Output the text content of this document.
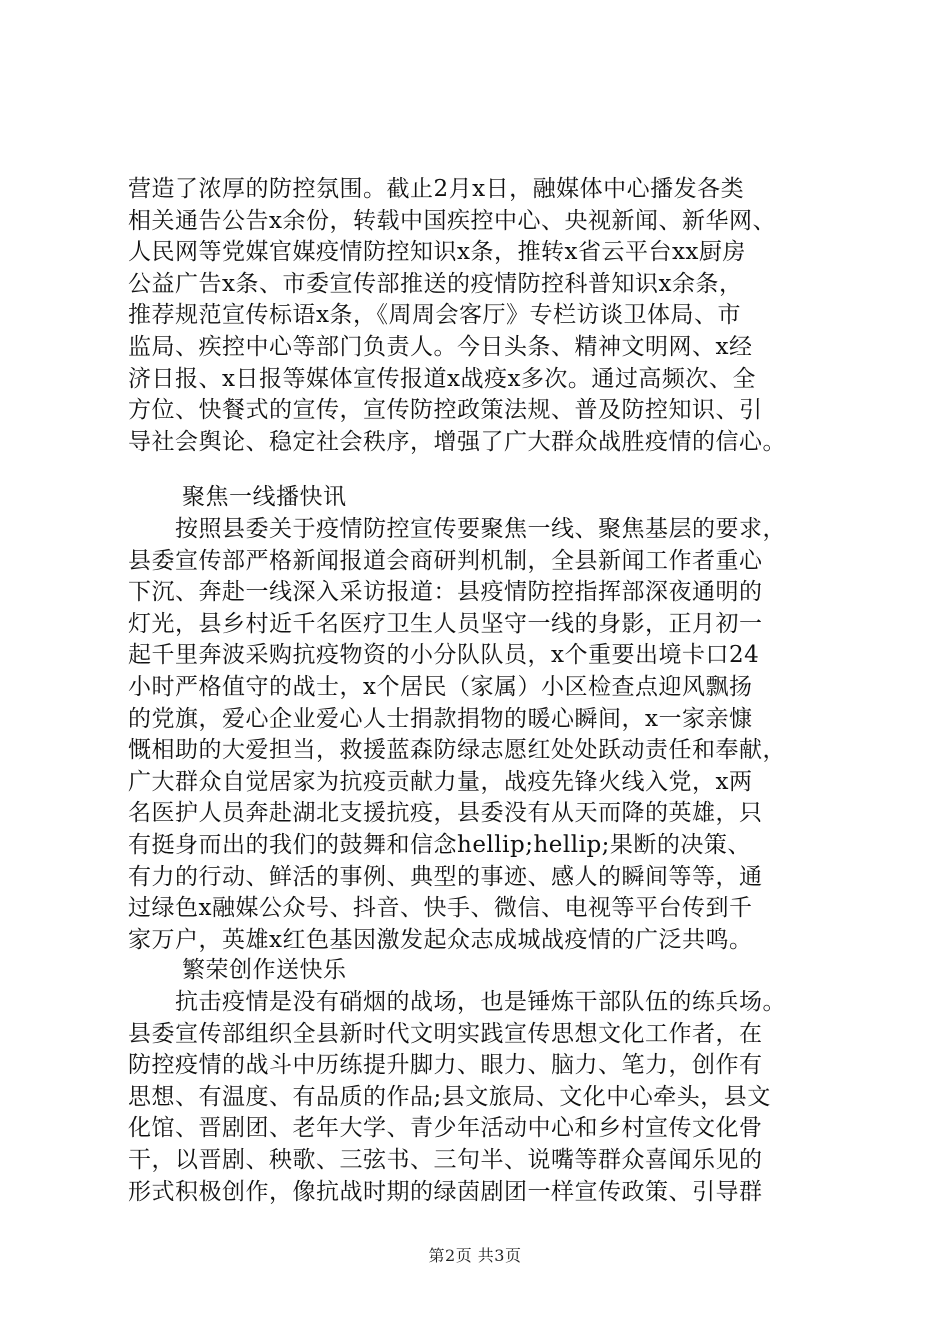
营造了浓厚的防控氛围。截止2月x日，融媒体中心播发各类
相关通告公告x余份，转载中国疾控中心、央视新闻、新华网、
人民网等党媒官媒疫情防控知识x条，推转x省云平台xx厨房
公益广告x条、市委宣传部推送的疫情防控科普知识x余条，
推荐规范宣传标语x条，《周周会客厅》专栏访谈卫体局、市
监局、疾控中心等部门负责人。今日头条、精神文明网、x经
济日报、x日报等媒体宣传报道x战疫x多次。通过高频次、全
方位、快餐式的宣传，宣传防控政策法规、普及防控知识、引
导社会舆论、稳定社会秩序，增强了广大群众战胜疫情的信心。
聚焦一线播快讯
　　按照县委关于疫情防控宣传要聚焦一线、聚焦基层的要求，
县委宣传部严格新闻报道会商研判机制，全县新闻工作者重心
下沉、奔赴一线深入采访报道：县疫情防控指挥部深夜通明的
灯光，县乡村近千名医疗卫生人员坚守一线的身影，正月初一
起千里奔波采购抗疫物资的小分队队员，x个重要出境卡口24
小时严格值守的战士，x个居民（家属）小区检查点迎风飘扬
的党旗，爱心企业爱心人士捐款捐物的暖心瞬间，x一家亲慷
慨相助的大爱担当，救援蓝森防绿志愿红处处跃动责任和奉献，
广大群众自觉居家为抗疫贡献力量，战疫先锋火线入党，x两
名医护人员奔赴湖北支援抗疫，县委没有从天而降的英雄，只
有挺身而出的我们的鼓舞和信念hellip;hellip;果断的决策、
有力的行动、鲜活的事例、典型的事迹、感人的瞬间等等，通
过绿色x融媒公众号、抖音、快手、微信、电视等平台传到千
家万户，英雄x红色基因激发起众志成城战疫情的广泛共鸣。
繁荣创作送快乐
　　抗击疫情是没有硝烟的战场，也是锤炼干部队伍的练兵场。
县委宣传部组织全县新时代文明实践宣传思想文化工作者，在
防控疫情的战斗中历练提升脚力、眼力、脑力、笔力，创作有
思想、有温度、有品质的作品;县文旅局、文化中心牵头，县文
化馆、晋剧团、老年大学、青少年活动中心和乡村宣传文化骨
干，以晋剧、秧歌、三弦书、三句半、说嘴等群众喜闻乐见的
形式积极创作，像抗战时期的绿茵剧团一样宣传政策、引导群
第2页 共3页
